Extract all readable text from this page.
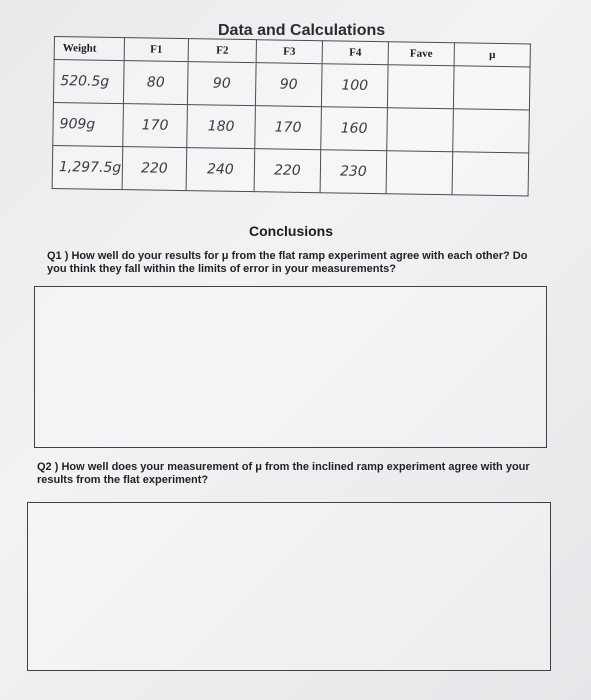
Data and Calculations
Weight	F1	F2	F3	F4	Fave	μ
520.5g	80	90	90	100		
909g	170	180	170	160		
1,297.5g	220	240	220	230		
Conclusions
Q1 ) How well do your results for μ from the flat ramp experiment agree with each other? Do you think they fall within the limits of error in your measurements?
Q2 ) How well does your measurement of μ from the inclined ramp experiment agree with your results from the flat experiment?
